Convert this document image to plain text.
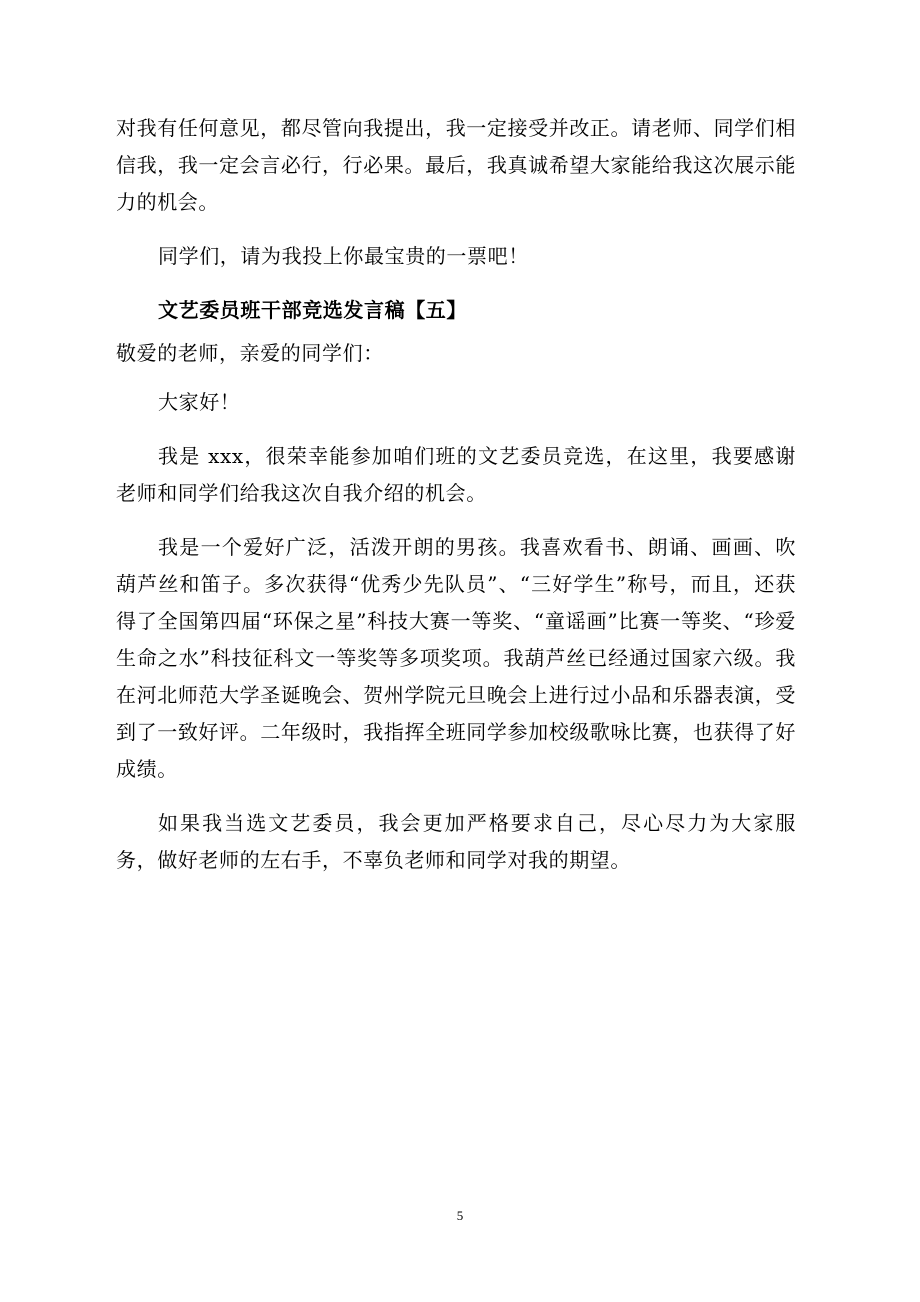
对我有任何意见，都尽管向我提出，我一定接受并改正。请老师、同学们相信我，我一定会言必行，行必果。最后，我真诚希望大家能给我这次展示能力的机会。

同学们，请为我投上你最宝贵的一票吧！

文艺委员班干部竞选发言稿【五】

敬爱的老师，亲爱的同学们：

大家好！

我是 xxx，很荣幸能参加咱们班的文艺委员竞选，在这里，我要感谢老师和同学们给我这次自我介绍的机会。

我是一个爱好广泛，活泼开朗的男孩。我喜欢看书、朗诵、画画、吹葫芦丝和笛子。多次获得“优秀少先队员”、“三好学生”称号，而且，还获得了全国第四届“环保之星”科技大赛一等奖、“童谣画”比赛一等奖、“珍爱生命之水”科技征科文一等奖等多项奖项。我葫芦丝已经通过国家六级。我在河北师范大学圣诞晚会、贺州学院元旦晚会上进行过小品和乐器表演，受到了一致好评。二年级时，我指挥全班同学参加校级歌咏比赛，也获得了好成绩。

如果我当选文艺委员，我会更加严格要求自己，尽心尽力为大家服务，做好老师的左右手，不辜负老师和同学对我的期望。

5
